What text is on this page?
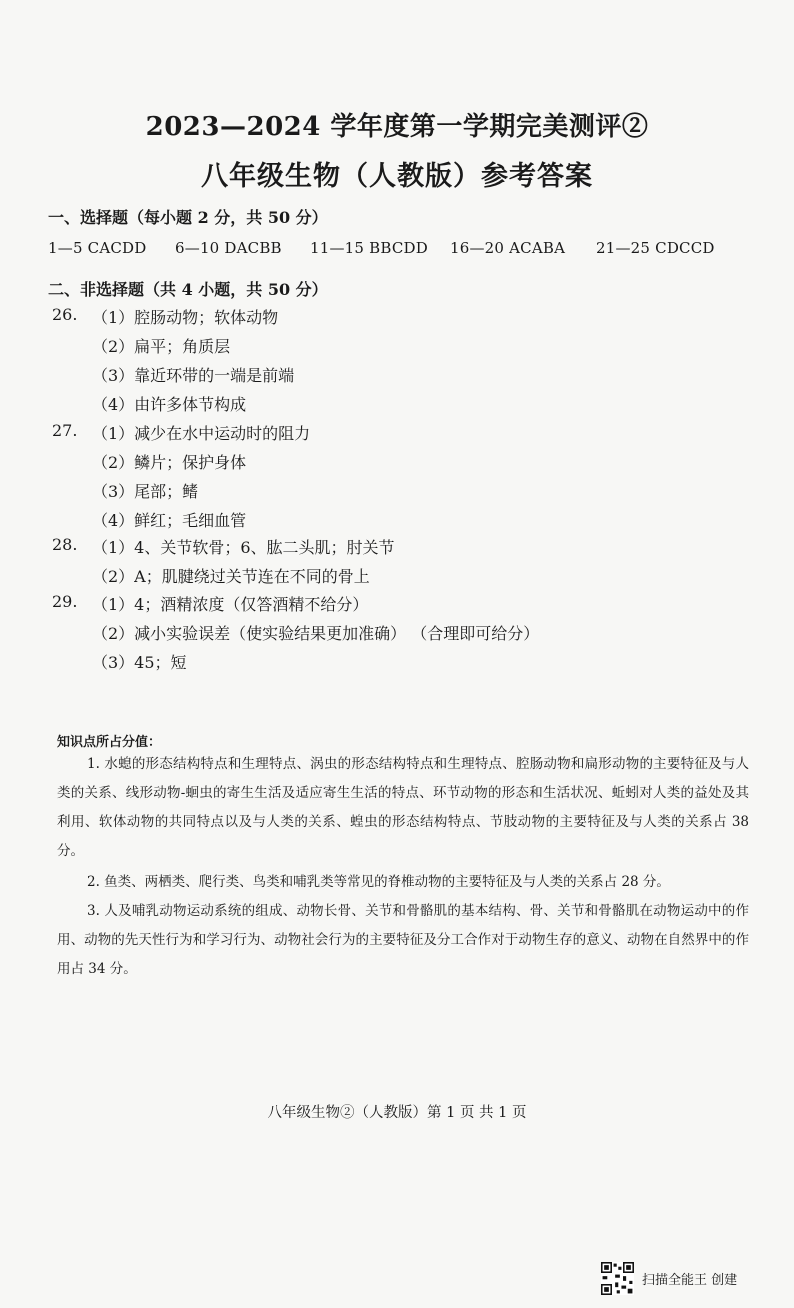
2023—2024 学年度第一学期完美测评②
八年级生物（人教版）参考答案
一、选择题（每小题 2 分，共 50 分）
1—5 CACDD 6—10 DACBB 11—15 BBCDD 16—20 ACABA 21—25 CDCCD
二、非选择题（共 4 小题，共 50 分）
26. （1）腔肠动物；软体动物
（2）扁平；角质层
（3）靠近环带的一端是前端
（4）由许多体节构成
27. （1）减少在水中运动时的阻力
（2）鳞片；保护身体
（3）尾部；鳍
（4）鲜红；毛细血管
28. （1）4、关节软骨；6、肱二头肌；肘关节
（2）A；肌腱绕过关节连在不同的骨上
29. （1）4；酒精浓度（仅答酒精不给分）
（2）减小实验误差（使实验结果更加准确） （合理即可给分）
（3）45；短
知识点所占分值：
1. 水螅的形态结构特点和生理特点、涡虫的形态结构特点和生理特点、腔肠动物和扁形动物的主要特征及与人类的关系、线形动物-蛔虫的寄生生活及适应寄生生活的特点、环节动物的形态和生活状况、蚯蚓对人类的益处及其利用、软体动物的共同特点以及与人类的关系、蝗虫的形态结构特点、节肢动物的主要特征及与人类的关系占 38 分。
2. 鱼类、两栖类、爬行类、鸟类和哺乳类等常见的脊椎动物的主要特征及与人类的关系占 28 分。
3. 人及哺乳动物运动系统的组成、动物长骨、关节和骨骼肌的基本结构、骨、关节和骨骼肌在动物运动中的作用、动物的先天性行为和学习行为、动物社会行为的主要特征及分工合作对于动物生存的意义、动物在自然界中的作用占 34 分。
八年级生物②（人教版）第 1 页 共 1 页
扫描全能王 创建
